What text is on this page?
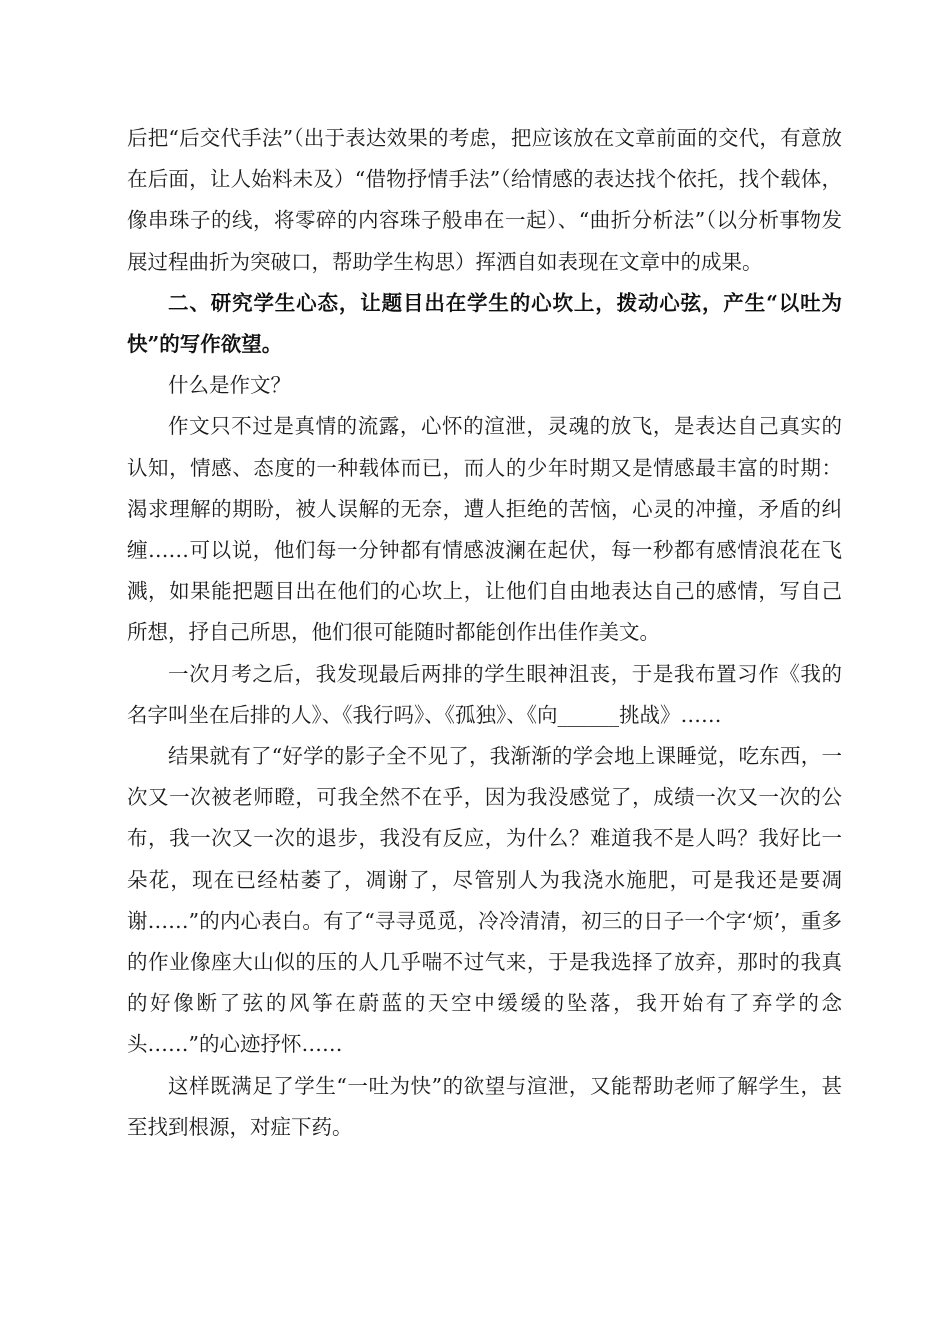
后把“后交代手法”（出于表达效果的考虑，把应该放在文章前面的交代，有意放在后面，让人始料未及）“借物抒情手法”（给情感的表达找个依托，找个载体，像串珠子的线，将零碎的内容珠子般串在一起）、“曲折分析法”（以分析事物发展过程曲折为突破口，帮助学生构思）挥洒自如表现在文章中的成果。

二、研究学生心态，让题目出在学生的心坎上，拨动心弦，产生“以吐为快”的写作欲望。

什么是作文？

作文只不过是真情的流露，心怀的渲泄，灵魂的放飞，是表达自己真实的认知，情感、态度的一种载体而已，而人的少年时期又是情感最丰富的时期：渴求理解的期盼，被人误解的无奈，遭人拒绝的苦恼，心灵的冲撞，矛盾的纠缠……可以说，他们每一分钟都有情感波澜在起伏，每一秒都有感情浪花在飞溅，如果能把题目出在他们的心坎上，让他们自由地表达自己的感情，写自己所想，抒自己所思，他们很可能随时都能创作出佳作美文。

一次月考之后，我发现最后两排的学生眼神沮丧，于是我布置习作《我的名字叫坐在后排的人》、《我行吗》、《孤独》、《向______挑战》……

结果就有了“好学的影子全不见了，我渐渐的学会地上课睡觉，吃东西，一次又一次被老师瞪，可我全然不在乎，因为我没感觉了，成绩一次又一次的公布，我一次又一次的退步，我没有反应，为什么？难道我不是人吗？我好比一朵花，现在已经枯萎了，凋谢了，尽管别人为我浇水施肥，可是我还是要凋谢……”的内心表白。有了“寻寻觅觅，冷冷清清，初三的日子一个字‘烦’，重多的作业像座大山似的压的人几乎喘不过气来，于是我选择了放弃，那时的我真的好像断了弦的风筝在蔚蓝的天空中缓缓的坠落，我开始有了弃学的念头……”的心迹抒怀……

这样既满足了学生“一吐为快”的欲望与渲泄，又能帮助老师了解学生，甚至找到根源，对症下药。
